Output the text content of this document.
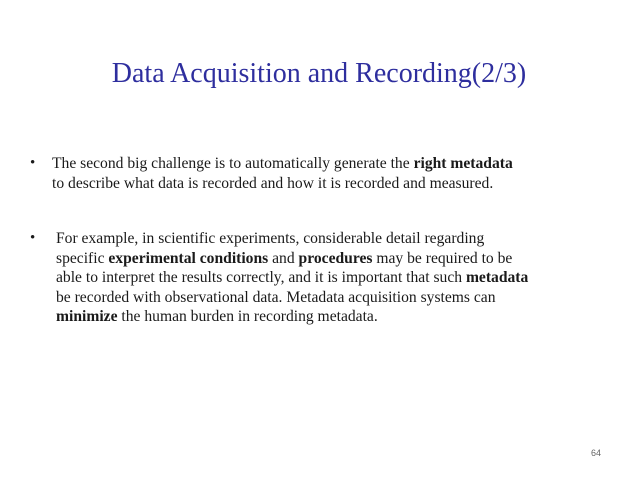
Data Acquisition and Recording(2/3)
• The second big challenge is to automatically generate the right metadata
to describe what data is recorded and how it is recorded and measured.
• For example, in scientific experiments, considerable detail regarding
specific experimental conditions and procedures may be required to be
able to interpret the results correctly, and it is important that such metadata
be recorded with observational data. Metadata acquisition systems can
minimize the human burden in recording metadata.
64
